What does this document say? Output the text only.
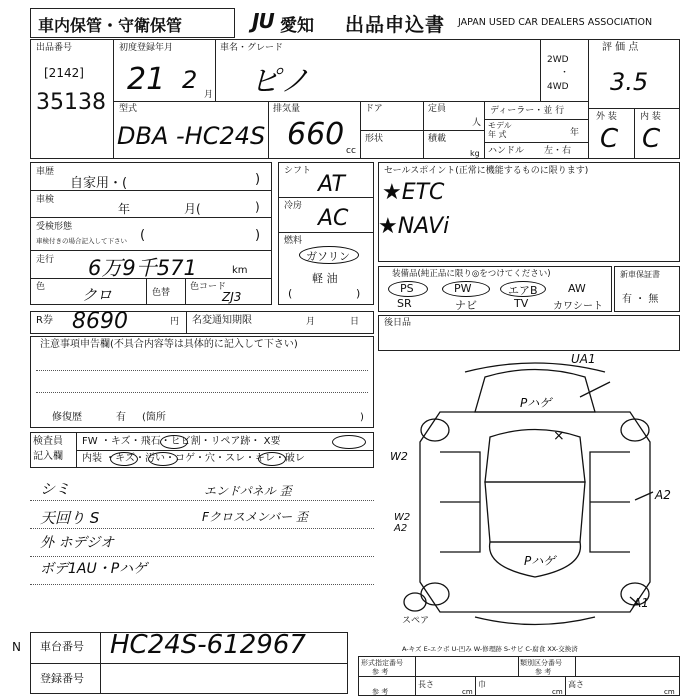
車内保管・守衛保管	JU 愛知 出品申込書 JAPAN USED CAR DEALERS ASSOCIATION
出品番号
[2142]
35138
初度登録年月
21 2
月
車名・グレード
ピノ
2WD
・
4WD
評 価 点
3.5
外 装	内 装
C C
型式
DBA -HC24S
排気量
660 cc
ドア
形状
定員
人
積載
kg
ディーラー・並 行
モデル
年 式	年
ハンドル 左・右
車歴
自家用・(	)
車検
年	月(	)
受検形態
車検付きの場合記入して下さい (	)
走行 6万9千571	km
色 クロ	色替
色コード
ZJ3
シフト
AT
冷房 AC
燃料
ガソリン
軽 油
(	)
セールスポイント(正常に機能するものに限ります)
★ETC
★NAVi
装備品(純正品に限り◎をつけてください)
PS	PW	エアB	AW
SR	ナビ	TV カワシート
新車保証書
有 ・ 無
R券 8690	円 名変通知期限	月	日	後日品
注意事項申告欄(不具合内容等は具体的に記入して下さい)
修復歴	有 (箇所	)
検査員
記入欄
FW ・キズ・飛石・ヒビ割・リペア跡・ X要
内装 ・キズ・汚い・コゲ・穴・スレ・キレ・破レ
シミ	エンドパネル 歪
天回り S	Fクロスメンバー 歪
外 ホデジオ
ボデ1AU・Pハゲ
UA1
Pハゲ
×
Pハゲ
W2
W2
A2
A2
A1
スペア
A-キズ E-エクボ U-凹み W-修理跡 S-サビ C-腐食 XX-交換済
N 車台番号 HC24S-612967
登録番号
形式指定番号
参 考
類別区分番号
参 考
参 考
長さ
cm
巾
cm
高さ
cm
